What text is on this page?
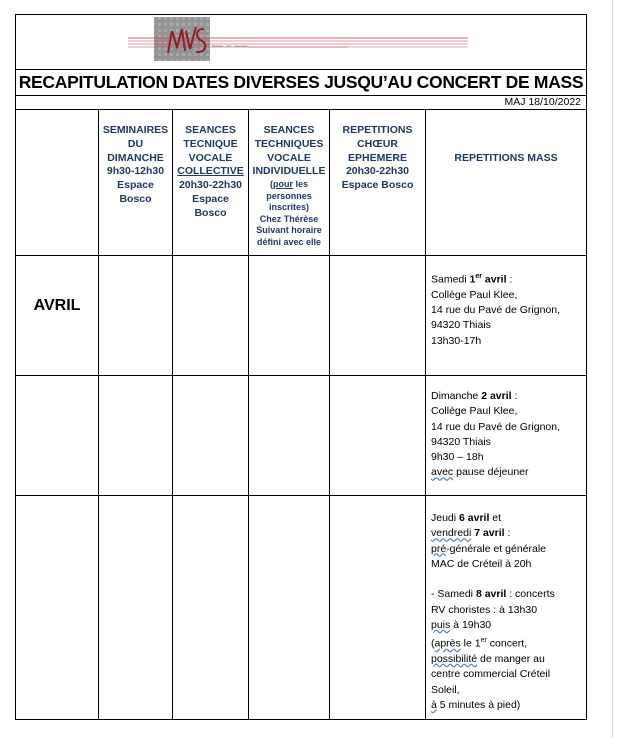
Musique · Voix · Spectacle
RECAPITULATION DATES DIVERSES JUSQU’AU CONCERT DE MASS
MAJ 18/10/2022
SEMINAIRES
DU
DIMANCHE
9h30-12h30
Espace
Bosco
SEANCES
TECNIQUE
VOCALE
COLLECTIVE
20h30-22h30
Espace
Bosco
SEANCES
TECHNIQUES
VOCALE
INDIVIDUELLE
(pour les
personnes
inscrites)
Chez Thérèse
Suivant horaire
défini avec elle
REPETITIONS
CHŒUR
EPHEMERE
20h30-22h30
Espace Bosco
REPETITIONS MASS
AVRIL
Samedi 1er avril :
Collège Paul Klee,
14 rue du Pavé de Grignon,
94320 Thiais
13h30-17h
Dimanche 2 avril :
Collège Paul Klee,
14 rue du Pavé de Grignon,
94320 Thiais
9h30 – 18h
avec pause déjeuner
Jeudi 6 avril et
vendredi 7 avril :
pré-générale et générale
MAC de Créteil à 20h
- Samedi 8 avril : concerts
RV choristes : à 13h30
puis à 19h30
(après le 1er concert,
possibilité de manger au
centre commercial Créteil
Soleil,
à 5 minutes à pied)
